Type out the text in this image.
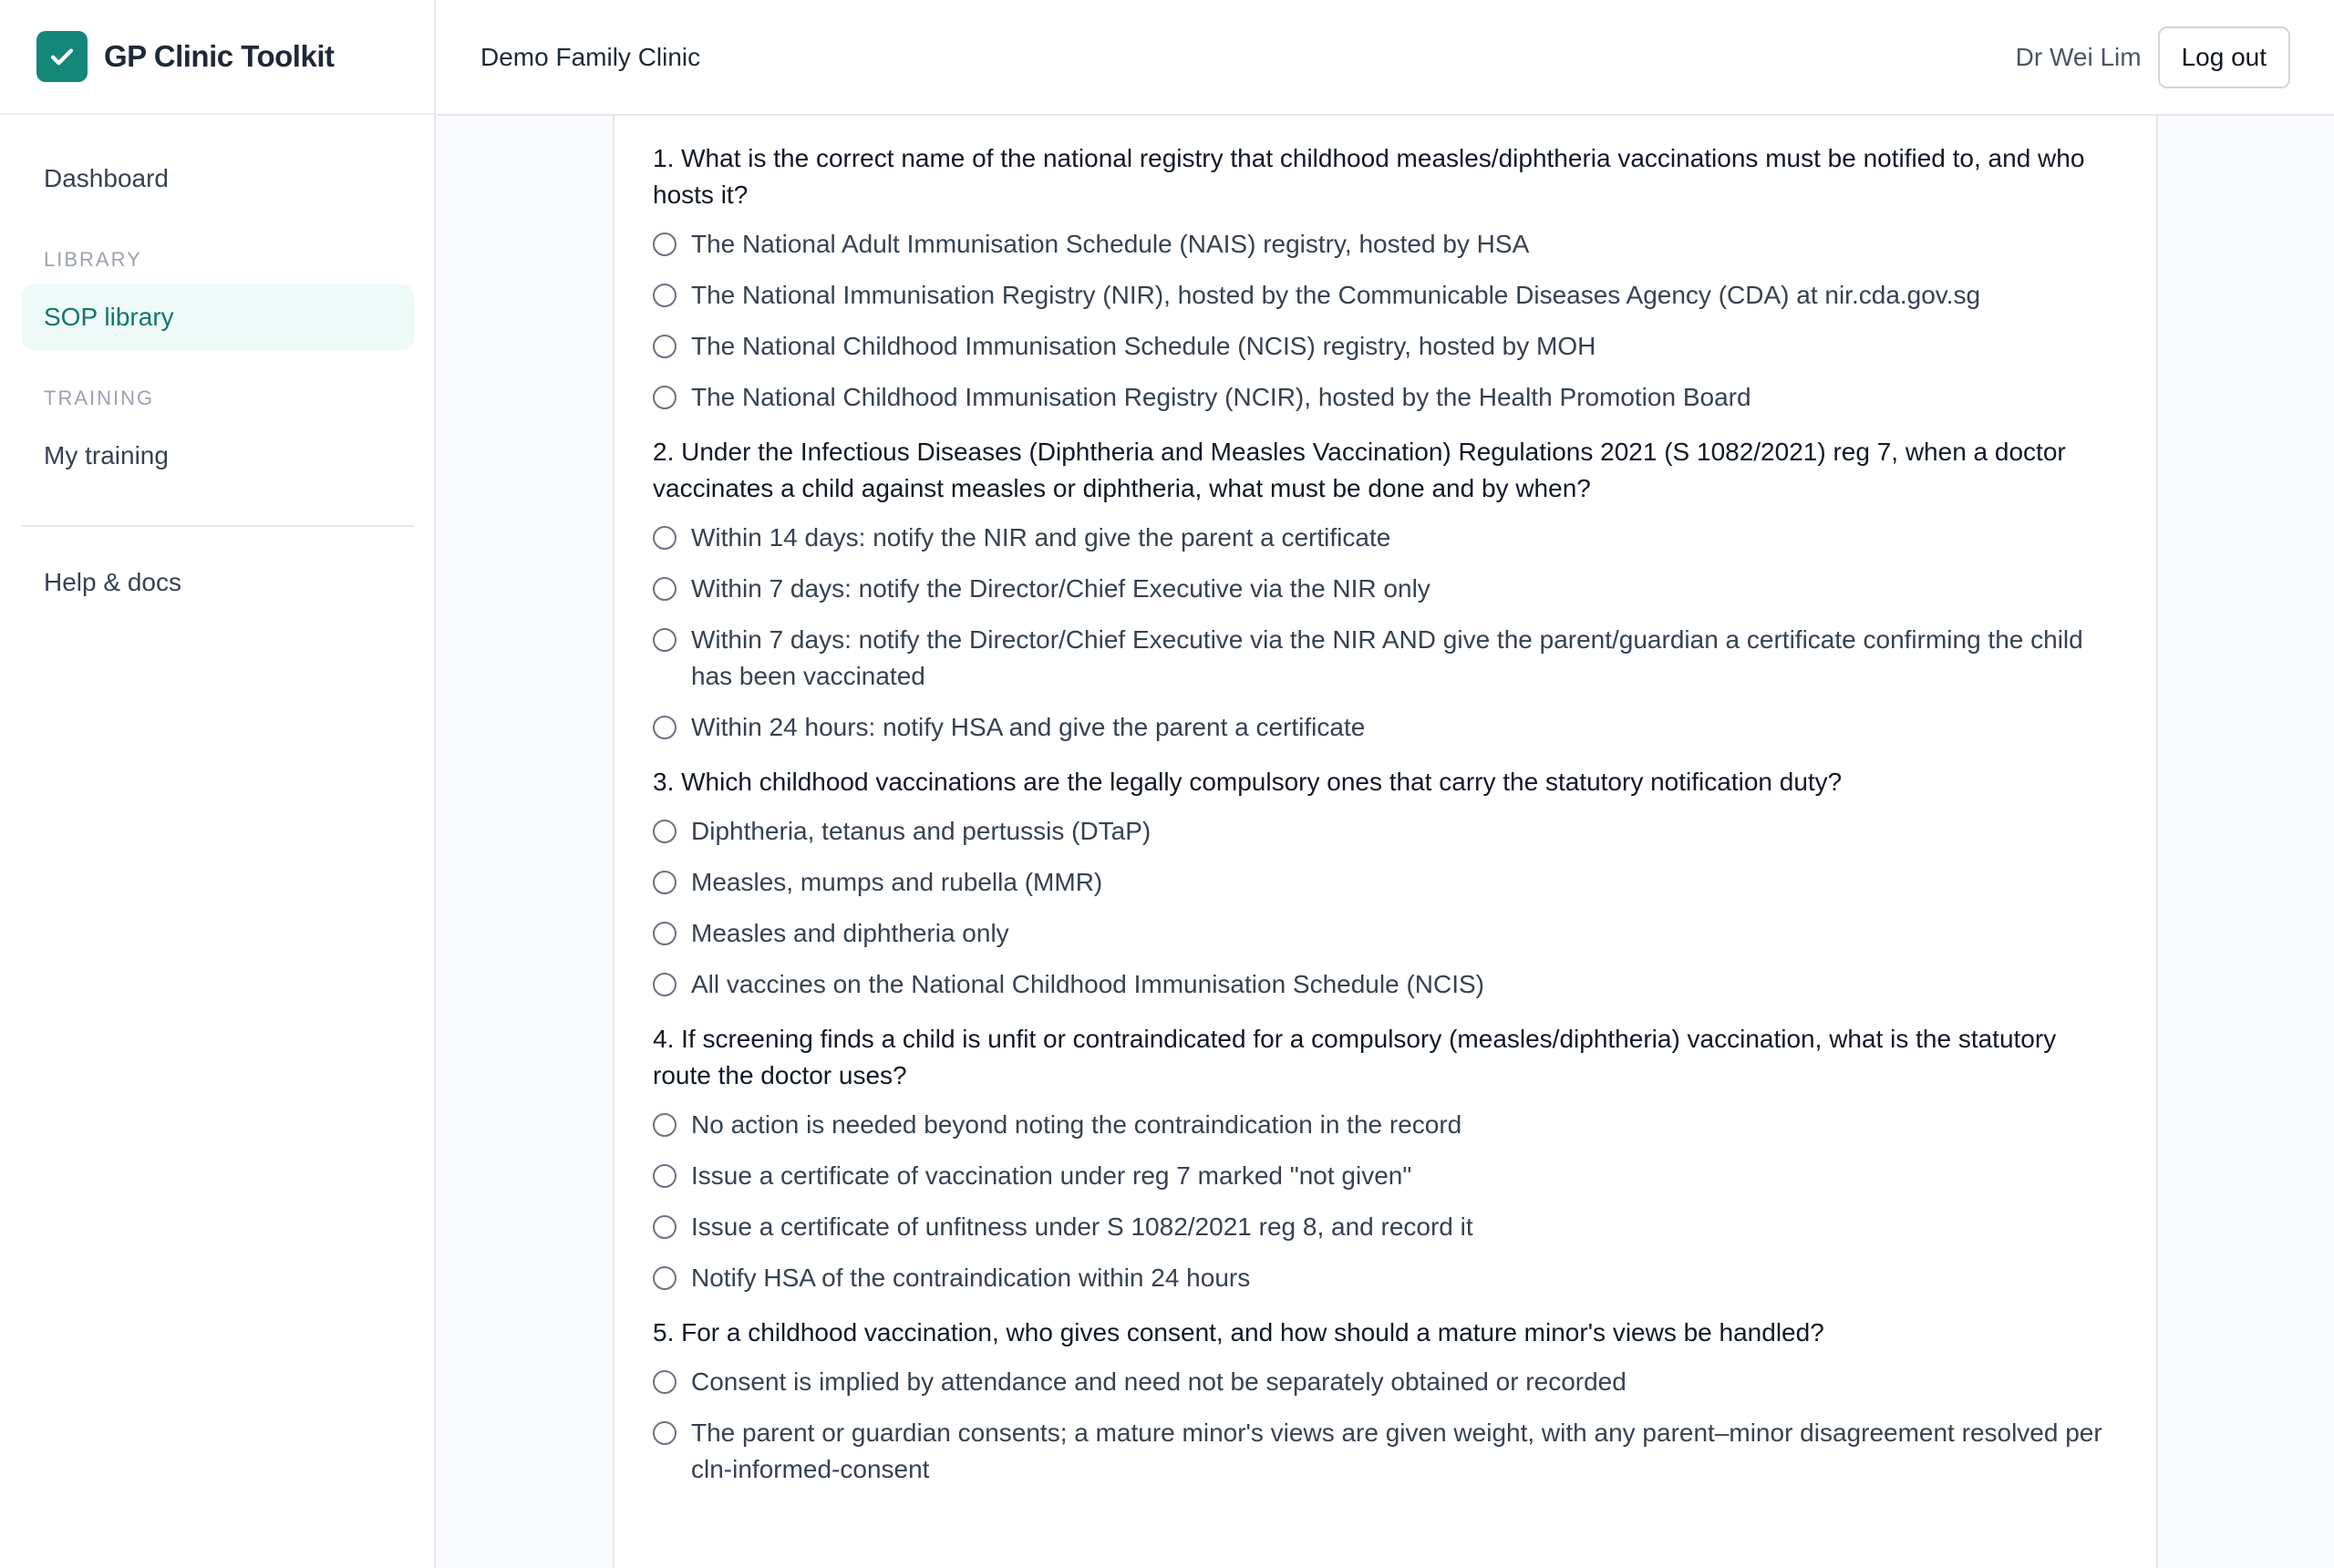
GP Clinic Toolkit
Dashboard
LIBRARY
SOP library
TRAINING
My training
Help & docs
Demo Family Clinic	Dr Wei Lim	Log out
1. What is the correct name of the national registry that childhood measles/diphtheria vaccinations must be notified to, and who hosts it?
The National Adult Immunisation Schedule (NAIS) registry, hosted by HSA
The National Immunisation Registry (NIR), hosted by the Communicable Diseases Agency (CDA) at nir.cda.gov.sg
The National Childhood Immunisation Schedule (NCIS) registry, hosted by MOH
The National Childhood Immunisation Registry (NCIR), hosted by the Health Promotion Board
2. Under the Infectious Diseases (Diphtheria and Measles Vaccination) Regulations 2021 (S 1082/2021) reg 7, when a doctor vaccinates a child against measles or diphtheria, what must be done and by when?
Within 14 days: notify the NIR and give the parent a certificate
Within 7 days: notify the Director/Chief Executive via the NIR only
Within 7 days: notify the Director/Chief Executive via the NIR AND give the parent/guardian a certificate confirming the child has been vaccinated
Within 24 hours: notify HSA and give the parent a certificate
3. Which childhood vaccinations are the legally compulsory ones that carry the statutory notification duty?
Diphtheria, tetanus and pertussis (DTaP)
Measles, mumps and rubella (MMR)
Measles and diphtheria only
All vaccines on the National Childhood Immunisation Schedule (NCIS)
4. If screening finds a child is unfit or contraindicated for a compulsory (measles/diphtheria) vaccination, what is the statutory route the doctor uses?
No action is needed beyond noting the contraindication in the record
Issue a certificate of vaccination under reg 7 marked "not given"
Issue a certificate of unfitness under S 1082/2021 reg 8, and record it
Notify HSA of the contraindication within 24 hours
5. For a childhood vaccination, who gives consent, and how should a mature minor's views be handled?
Consent is implied by attendance and need not be separately obtained or recorded
The parent or guardian consents; a mature minor's views are given weight, with any parent–minor disagreement resolved per cln-informed-consent
